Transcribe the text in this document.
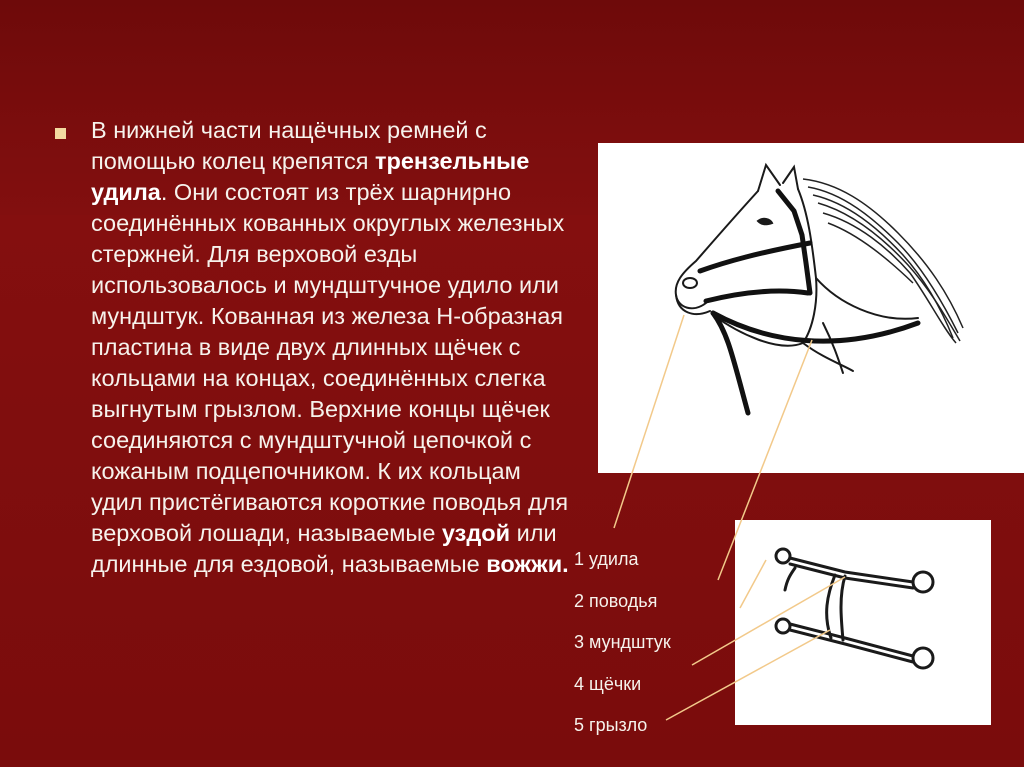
В нижней части нащёчных ремней с помощью колец крепятся трензельные удила. Они состоят из трёх шарнирно соединённых кованных округлых железных стержней. Для верховой езды использовалось и мундштучное удило или мундштук. Кованная из железа Н-образная пластина в виде двух длинных щёчек с кольцами на концах, соединённых слегка выгнутым грызлом. Верхние концы щёчек соединяются с мундштучной цепочкой с кожаным подцепочником. К их кольцам удил пристёгиваются короткие поводья для верховой лошади, называемые уздой или длинные для ездовой, называемые вожжи. 1 удила
2 поводья
3 мундштук
4 щёчки
5 грызло
